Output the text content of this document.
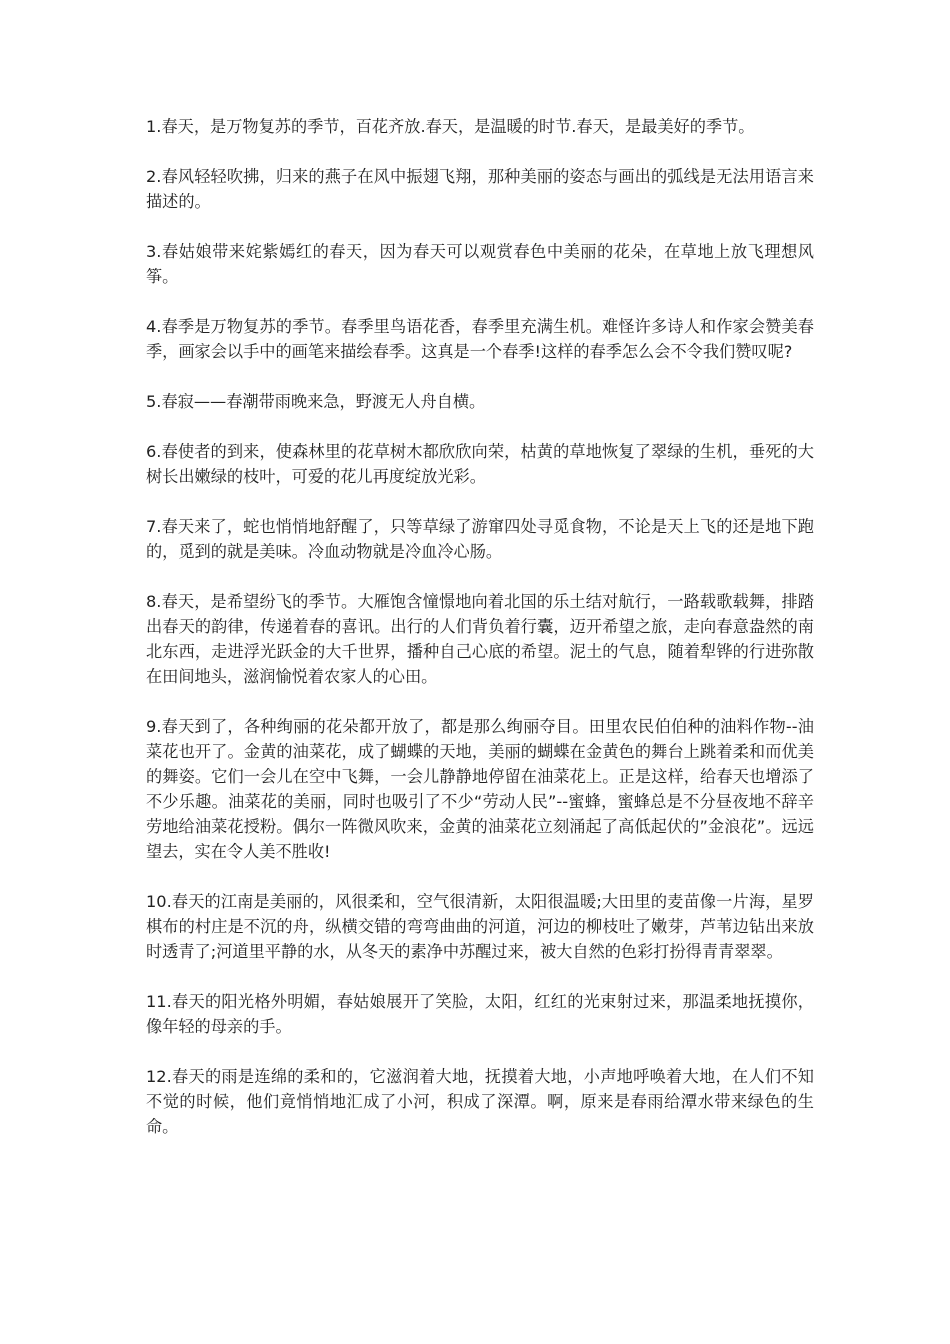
1.春天，是万物复苏的季节，百花齐放.春天，是温暖的时节.春天，是最美好的季节。

2.春风轻轻吹拂，归来的燕子在风中振翅飞翔，那种美丽的姿态与画出的弧线是无法用语言来描述的。

3.春姑娘带来姹紫嫣红的春天，因为春天可以观赏春色中美丽的花朵，在草地上放飞理想风筝。

4.春季是万物复苏的季节。春季里鸟语花香，春季里充满生机。难怪许多诗人和作家会赞美春季，画家会以手中的画笔来描绘春季。这真是一个春季!这样的春季怎么会不令我们赞叹呢?

5.春寂——春潮带雨晚来急，野渡无人舟自横。

6.春使者的到来，使森林里的花草树木都欣欣向荣，枯黄的草地恢复了翠绿的生机，垂死的大树长出嫩绿的枝叶，可爱的花儿再度绽放光彩。

7.春天来了，蛇也悄悄地舒醒了，只等草绿了游窜四处寻觅食物，不论是天上飞的还是地下跑的，觅到的就是美味。冷血动物就是冷血冷心肠。

8.春天，是希望纷飞的季节。大雁饱含憧憬地向着北国的乐土结对航行，一路载歌载舞，排踏出春天的韵律，传递着春的喜讯。出行的人们背负着行囊，迈开希望之旅，走向春意盎然的南北东西，走进浮光跃金的大千世界，播种自己心底的希望。泥土的气息，随着犁铧的行进弥散在田间地头，滋润愉悦着农家人的心田。

9.春天到了，各种绚丽的花朵都开放了，都是那么绚丽夺目。田里农民伯伯种的油料作物--油菜花也开了。金黄的油菜花，成了蝴蝶的天地，美丽的蝴蝶在金黄色的舞台上跳着柔和而优美的舞姿。它们一会儿在空中飞舞，一会儿静静地停留在油菜花上。正是这样，给春天也增添了不少乐趣。油菜花的美丽，同时也吸引了不少“劳动人民”--蜜蜂，蜜蜂总是不分昼夜地不辞辛劳地给油菜花授粉。偶尔一阵微风吹来，金黄的油菜花立刻涌起了高低起伏的”金浪花”。远远望去，实在令人美不胜收!

10.春天的江南是美丽的，风很柔和，空气很清新，太阳很温暖;大田里的麦苗像一片海，星罗棋布的村庄是不沉的舟，纵横交错的弯弯曲曲的河道，河边的柳枝吐了嫩芽，芦苇边钻出来放时透青了;河道里平静的水，从冬天的素净中苏醒过来，被大自然的色彩打扮得青青翠翠。

11.春天的阳光格外明媚，春姑娘展开了笑脸，太阳，红红的光束射过来，那温柔地抚摸你，像年轻的母亲的手。

12.春天的雨是连绵的柔和的，它滋润着大地，抚摸着大地，小声地呼唤着大地，在人们不知不觉的时候，他们竟悄悄地汇成了小河，积成了深潭。啊，原来是春雨给潭水带来绿色的生命。
